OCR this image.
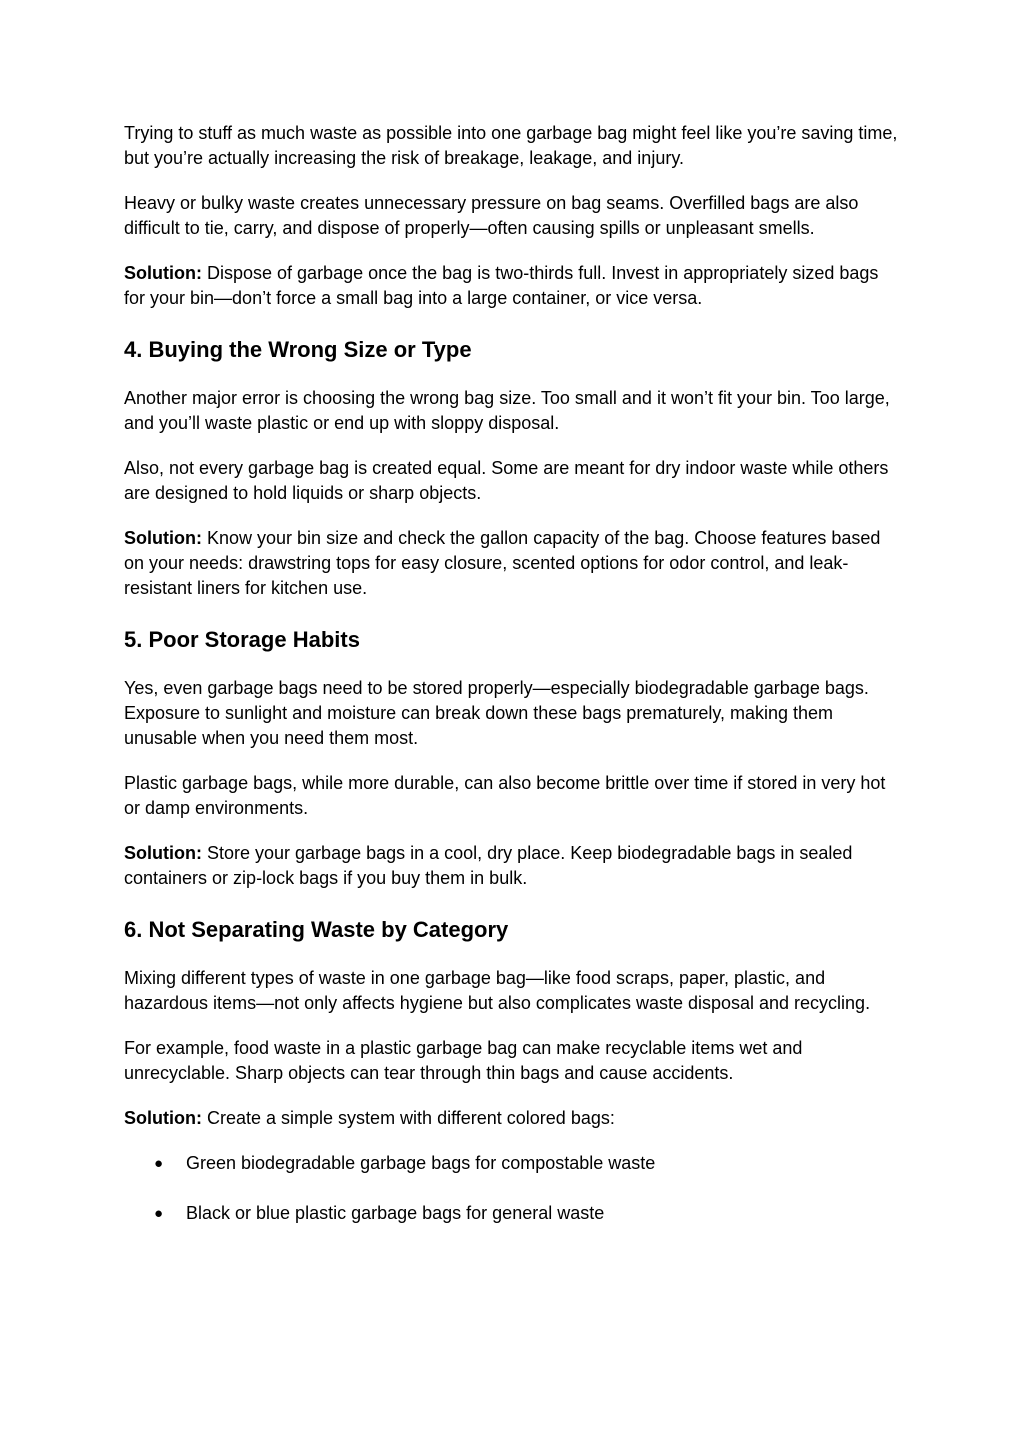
Trying to stuff as much waste as possible into one garbage bag might feel like you’re saving time, but you’re actually increasing the risk of breakage, leakage, and injury.

Heavy or bulky waste creates unnecessary pressure on bag seams. Overfilled bags are also difficult to tie, carry, and dispose of properly—often causing spills or unpleasant smells.

Solution: Dispose of garbage once the bag is two-thirds full. Invest in appropriately sized bags for your bin—don’t force a small bag into a large container, or vice versa.

4. Buying the Wrong Size or Type

Another major error is choosing the wrong bag size. Too small and it won’t fit your bin. Too large, and you’ll waste plastic or end up with sloppy disposal.

Also, not every garbage bag is created equal. Some are meant for dry indoor waste while others are designed to hold liquids or sharp objects.

Solution: Know your bin size and check the gallon capacity of the bag. Choose features based on your needs: drawstring tops for easy closure, scented options for odor control, and leak-resistant liners for kitchen use.

5. Poor Storage Habits

Yes, even garbage bags need to be stored properly—especially biodegradable garbage bags. Exposure to sunlight and moisture can break down these bags prematurely, making them unusable when you need them most.

Plastic garbage bags, while more durable, can also become brittle over time if stored in very hot or damp environments.

Solution: Store your garbage bags in a cool, dry place. Keep biodegradable bags in sealed containers or zip-lock bags if you buy them in bulk.

6. Not Separating Waste by Category

Mixing different types of waste in one garbage bag—like food scraps, paper, plastic, and hazardous items—not only affects hygiene but also complicates waste disposal and recycling.

For example, food waste in a plastic garbage bag can make recyclable items wet and unrecyclable. Sharp objects can tear through thin bags and cause accidents.

Solution: Create a simple system with different colored bags:

● Green biodegradable garbage bags for compostable waste
● Black or blue plastic garbage bags for general waste
